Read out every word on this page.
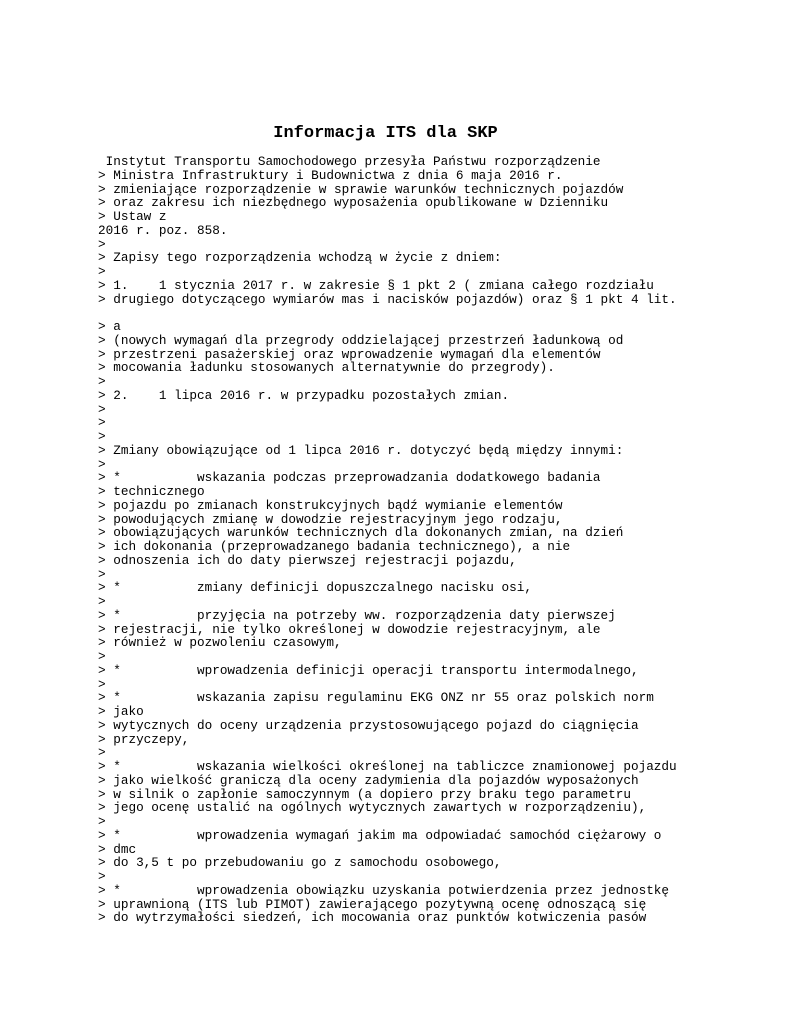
Informacja ITS dla SKP
Instytut Transportu Samochodowego przesyła Państwu rozporządzenie
> Ministra Infrastruktury i Budownictwa z dnia 6 maja 2016 r.
> zmieniające rozporządzenie w sprawie warunków technicznych pojazdów
> oraz zakresu ich niezbędnego wyposażenia opublikowane w Dzienniku
> Ustaw z
2016 r. poz. 858.
>
> Zapisy tego rozporządzenia wchodzą w życie z dniem:
>
> 1.    1 stycznia 2017 r. w zakresie § 1 pkt 2 ( zmiana całego rozdziału
> drugiego dotyczącego wymiarów mas i nacisków pojazdów) oraz § 1 pkt 4 lit.
> a
> (nowych wymagań dla przegrody oddzielającej przestrzeń ładunkową od
> przestrzeni pasażerskiej oraz wprowadzenie wymagań dla elementów
> mocowania ładunku stosowanych alternatywnie do przegrody).
>
> 2.    1 lipca 2016 r. w przypadku pozostałych zmian.
>
>
>
> Zmiany obowiązujące od 1 lipca 2016 r. dotyczyć będą między innymi:
>
> *          wskazania podczas przeprowadzania dodatkowego badania
> technicznego
> pojazdu po zmianach konstrukcyjnych bądź wymianie elementów
> powodujących zmianę w dowodzie rejestracyjnym jego rodzaju,
> obowiązujących warunków technicznych dla dokonanych zmian, na dzień
> ich dokonania (przeprowadzanego badania technicznego), a nie
> odnoszenia ich do daty pierwszej rejestracji pojazdu,
>
> *          zmiany definicji dopuszczalnego nacisku osi,
>
> *          przyjęcia na potrzeby ww. rozporządzenia daty pierwszej
> rejestracji, nie tylko określonej w dowodzie rejestracyjnym, ale
> również w pozwoleniu czasowym,
>
> *          wprowadzenia definicji operacji transportu intermodalnego,
>
> *          wskazania zapisu regulaminu EKG ONZ nr 55 oraz polskich norm
> jako
> wytycznych do oceny urządzenia przystosowującego pojazd do ciągnięcia
> przyczepy,
>
> *          wskazania wielkości określonej na tabliczce znamionowej pojazdu
> jako wielkość graniczą dla oceny zadymienia dla pojazdów wyposażonych
> w silnik o zapłonie samoczynnym (a dopiero przy braku tego parametru
> jego ocenę ustalić na ogólnych wytycznych zawartych w rozporządzeniu),
>
> *          wprowadzenia wymagań jakim ma odpowiadać samochód ciężarowy o
> dmc
> do 3,5 t po przebudowaniu go z samochodu osobowego,
>
> *          wprowadzenia obowiązku uzyskania potwierdzenia przez jednostkę
> uprawnioną (ITS lub PIMOT) zawierającego pozytywną ocenę odnoszącą się
> do wytrzymałości siedzeń, ich mocowania oraz punktów kotwiczenia pasów
